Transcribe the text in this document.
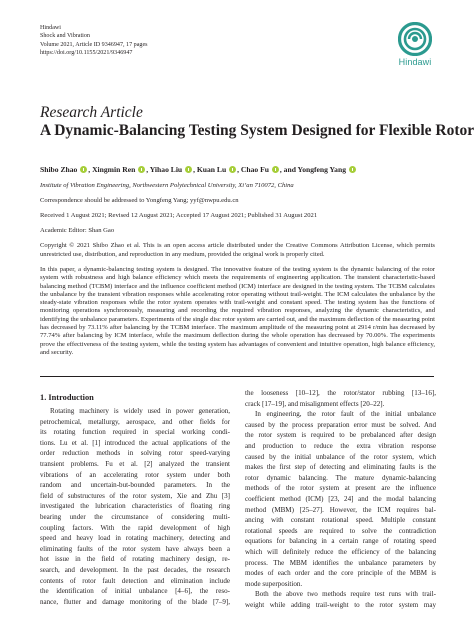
Hindawi
Shock and Vibration
Volume 2021, Article ID 9346947, 17 pages
https://doi.org/10.1155/2021/9346947
Hindawi
Research Article
A Dynamic-Balancing Testing System Designed for Flexible Rotor
Shibo Zhao , Xingmin Ren , Yihao Liu , Kuan Lu , Chao Fu , and Yongfeng Yang
Institute of Vibration Engineering, Northwestern Polytechnical University, Xi’an 710072, China
Correspondence should be addressed to Yongfeng Yang; yyf@nwpu.edu.cn
Received 1 August 2021; Revised 12 August 2021; Accepted 17 August 2021; Published 31 August 2021
Academic Editor: Shan Gao
Copyright © 2021 Shibo Zhao et al. This is an open access article distributed under the Creative Commons Attribution License, which permits unrestricted use, distribution, and reproduction in any medium, provided the original work is properly cited.
In this paper, a dynamic-balancing testing system is designed. The innovative feature of the testing system is the dynamic balancing of the rotor system with robustness and high balance efficiency which meets the requirements of engineering application. The transient characteristic-based balancing method (TCBM) interface and the influence coefficient method (ICM) interface are designed in the testing system. The TCBM calculates the unbalance by the transient vibration responses while accelerating rotor operating without trail-weight. The ICM calculates the unbalance by the steady-state vibration responses while the rotor system operates with trail-weight and constant speed. The testing system has the functions of monitoring operations synchronously, measuring and recording the required vibration responses, analyzing the dynamic characteristics, and identifying the unbalance parameters. Experiments of the single disc rotor system are carried out, and the maximum deflection of the measuring point has decreased by 73.11% after balancing by the TCBM interface. The maximum amplitude of the measuring point at 2914 r/min has decreased by 77.74% after balancing by ICM interface, while the maximum deflection during the whole operation has decreased by 70.00%. The experiments prove the effectiveness of the testing system, while the testing system has advantages of convenient and intuitive operation, high balance efficiency, and security.
1. Introduction
Rotating machinery is widely used in power generation,
petrochemical, metallurgy, aerospace, and other fields for
its rotating function required in special working condi-
tions. Lu et al. [1] introduced the actual applications of the
order reduction methods in solving rotor speed-varying
transient problems. Fu et al. [2] analyzed the transient
vibrations of an accelerating rotor system under both
random and uncertain-but-bounded parameters. In the
field of substructures of the rotor system, Xie and Zhu [3]
investigated the lubrication characteristics of floating ring
bearing under the circumstance of considering multi-
coupling factors. With the rapid development of high
speed and heavy load in rotating machinery, detecting and
eliminating faults of the rotor system have always been a
hot issue in the field of rotating machinery design, re-
search, and development. In the past decades, the research
contents of rotor fault detection and elimination include
the identification of initial unbalance [4–6], the reso-
nance, flutter and damage monitoring of the blade [7–9],
the looseness [10–12], the rotor/stator rubbing [13–16],
crack [17–19], and misalignment effects [20–22].
In engineering, the rotor fault of the initial unbalance
caused by the process preparation error must be solved. And
the rotor system is required to be prebalanced after design
and production to reduce the extra vibration response
caused by the initial unbalance of the rotor system, which
makes the first step of detecting and eliminating faults is the
rotor dynamic balancing. The mature dynamic-balancing
methods of the rotor system at present are the influence
coefficient method (ICM) [23, 24] and the modal balancing
method (MBM) [25–27]. However, the ICM requires bal-
ancing with constant rotational speed. Multiple constant
rotational speeds are required to solve the contradiction
equations for balancing in a certain range of rotating speed
which will definitely reduce the efficiency of the balancing
process. The MBM identifies the unbalance parameters by
modes of each order and the core principle of the MBM is
mode superposition.
Both the above two methods require test runs with trail-
weight while adding trail-weight to the rotor system may
